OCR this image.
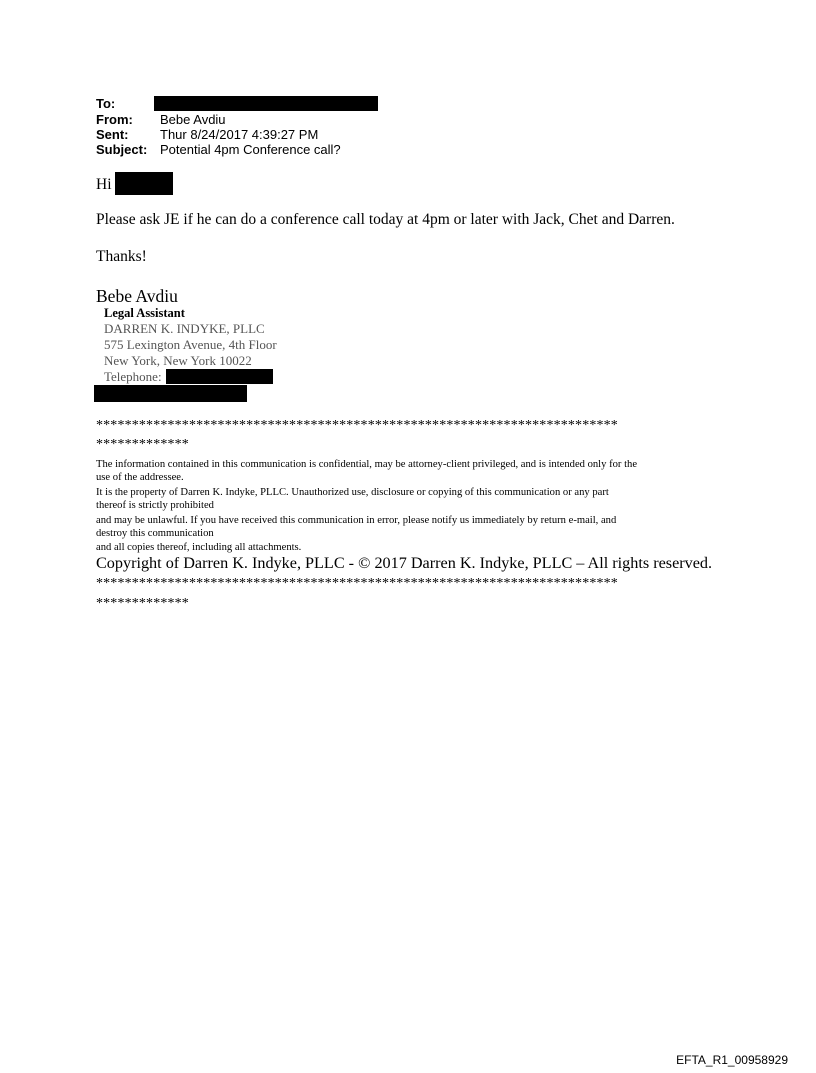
To:
From: Bebe Avdiu
Sent: Thur 8/24/2017 4:39:27 PM
Subject: Potential 4pm Conference call?
Hi
Please ask JE if he can do a conference call today at 4pm or later with Jack, Chet and Darren.
Thanks!
Bebe Avdiu
Legal Assistant
DARREN K. INDYKE, PLLC
575 Lexington Avenue, 4th Floor
New York, New York 10022
Telephone:
*************************************************************************
*************
The information contained in this communication is confidential, may be attorney-client privileged, and is intended only for the
use of the addressee.
It is the property of Darren K. Indyke, PLLC. Unauthorized use, disclosure or copying of this communication or any part
thereof is strictly prohibited
and may be unlawful. If you have received this communication in error, please notify us immediately by return e-mail, and
destroy this communication
and all copies thereof, including all attachments.
Copyright of Darren K. Indyke, PLLC - © 2017 Darren K. Indyke, PLLC – All rights reserved.
*************************************************************************
*************
EFTA_R1_00958929
